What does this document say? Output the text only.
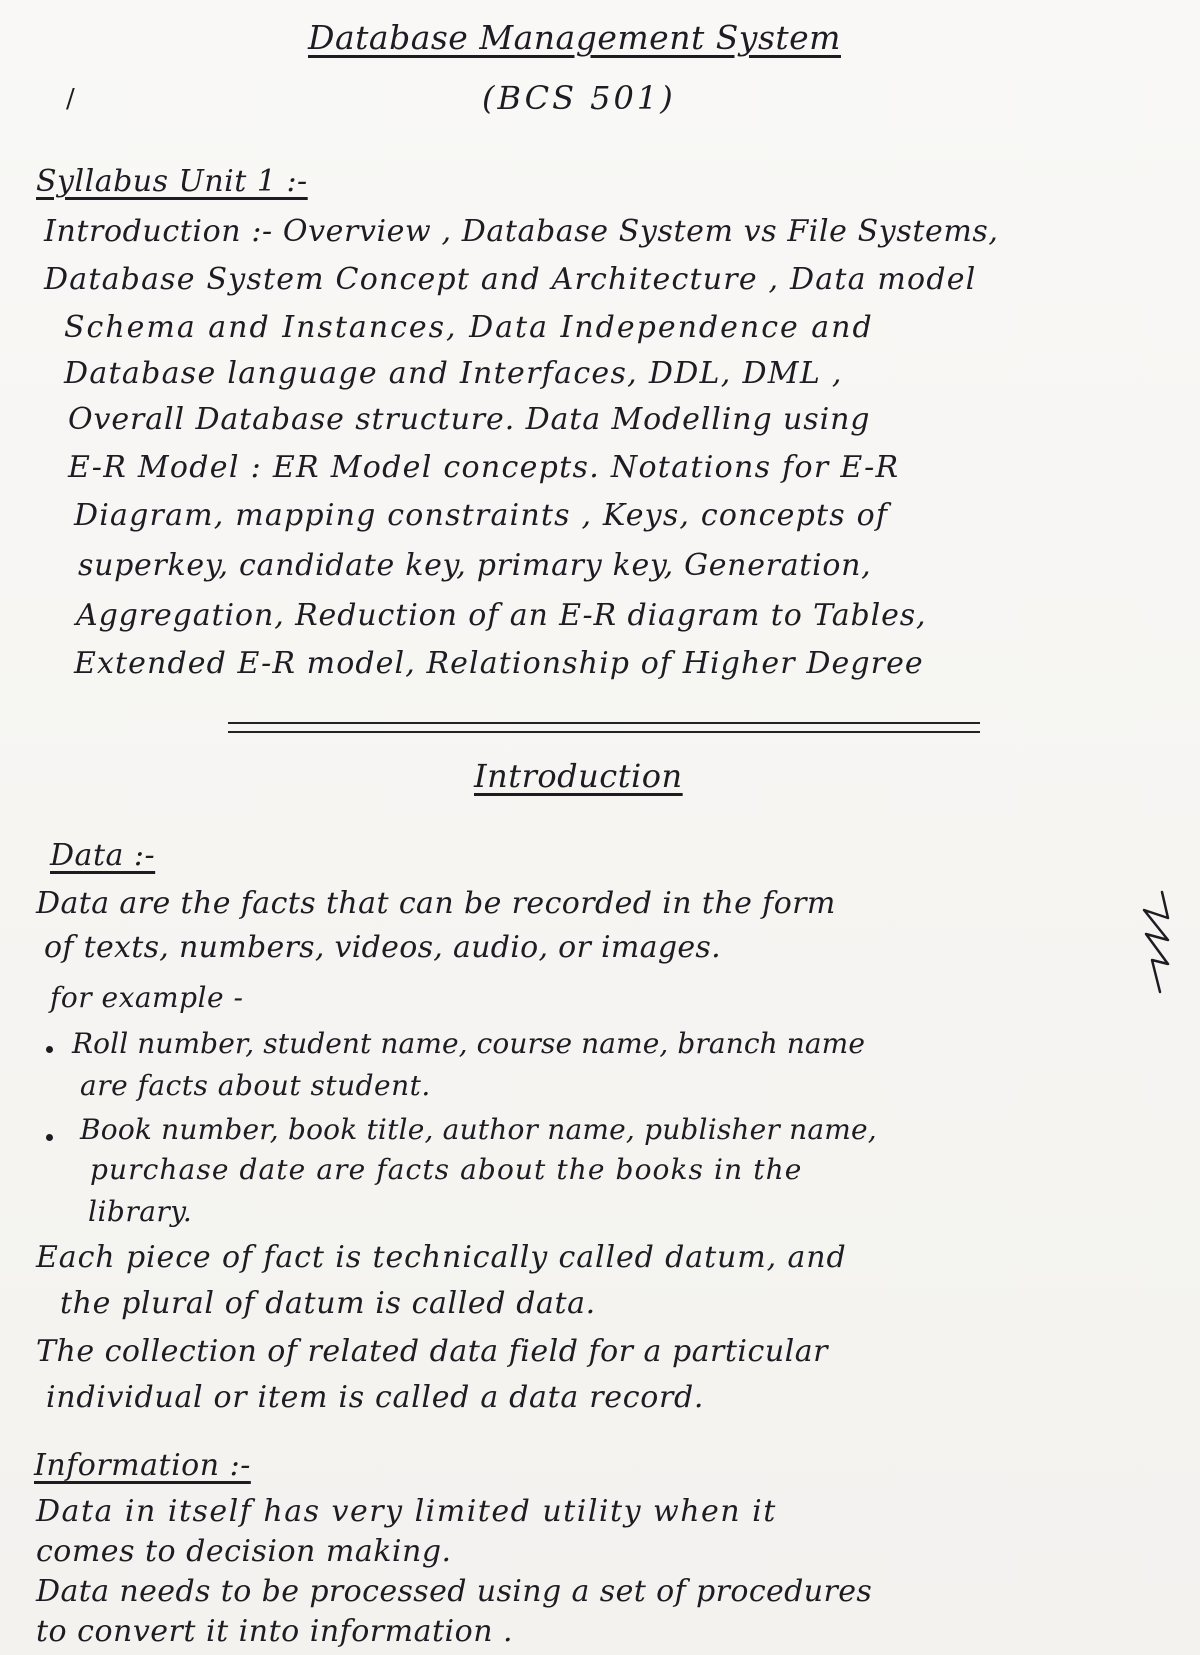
Database Management System
(BCS 501)
/
Syllabus Unit 1 :-
Introduction :- Overview , Database System vs File Systems,
Database System Concept and Architecture , Data model
Schema and Instances, Data Independence and
Database language and Interfaces, DDL, DML ,
Overall Database structure. Data Modelling using
E-R Model : ER Model concepts. Notations for E-R
Diagram, mapping constraints , Keys, concepts of
superkey, candidate key, primary key, Generation,
Aggregation, Reduction of an E-R diagram to Tables,
Extended E-R model, Relationship of Higher Degree
Introduction
Data :-
Data are the facts that can be recorded in the form
of texts, numbers, videos, audio, or images.
for example -
Roll number, student name, course name, branch name
are facts about student.
Book number, book title, author name, publisher name,
purchase date are facts about the books in the
library.
Each piece of fact is technically called datum, and
the plural of datum is called data.
The collection of related data field for a particular
individual or item is called a data record.
Information :-
Data in itself has very limited utility when it
comes to decision making.
Data needs to be processed using a set of procedures
to convert it into information .
